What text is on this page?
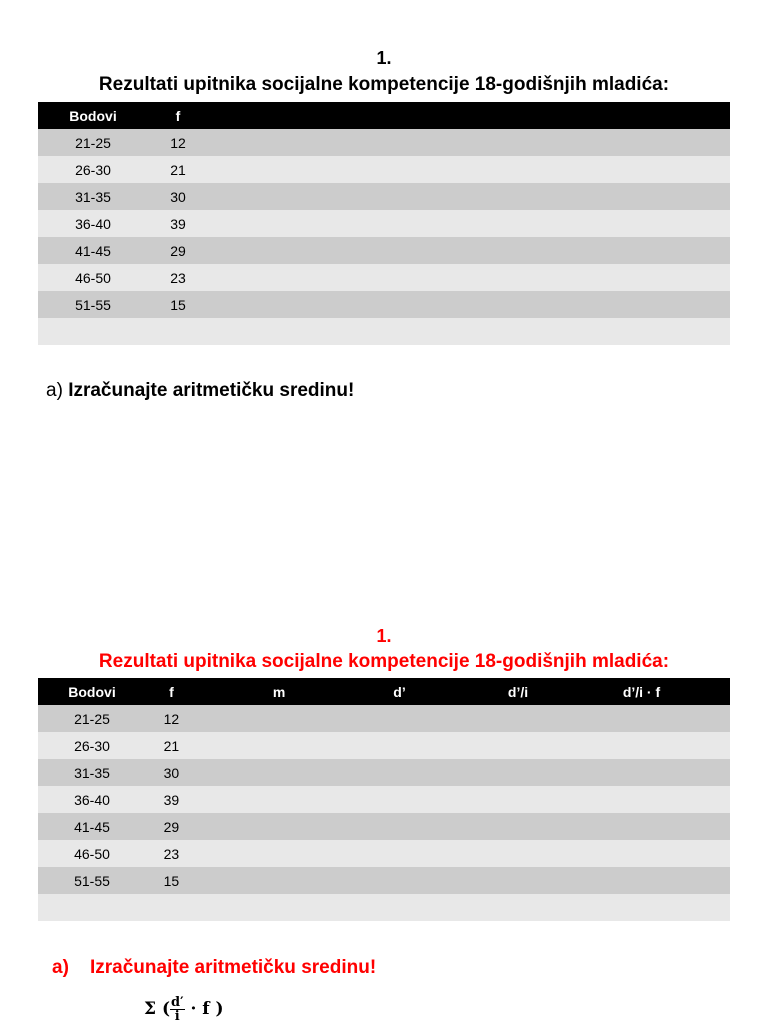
1.
Rezultati upitnika socijalne kompetencije 18-godišnjih mladića:
Bodovi	f	
21-25	12	
26-30	21	
31-35	30	
36-40	39	
41-45	29	
46-50	23	
51-55	15	

a) Izračunajte aritmetičku sredinu!
1.
Rezultati upitnika socijalne kompetencije 18-godišnjih mladića:
Bodovi	f	m	d’	d’/i	d’/i · f
21-25	12				
26-30	21				
31-35	30				
36-40	39				
41-45	29				
46-50	23				
51-55	15				

a) Izračunajte aritmetičku sredinu!
Σ ( $\frac{d'}{i} \cdot f$ )
